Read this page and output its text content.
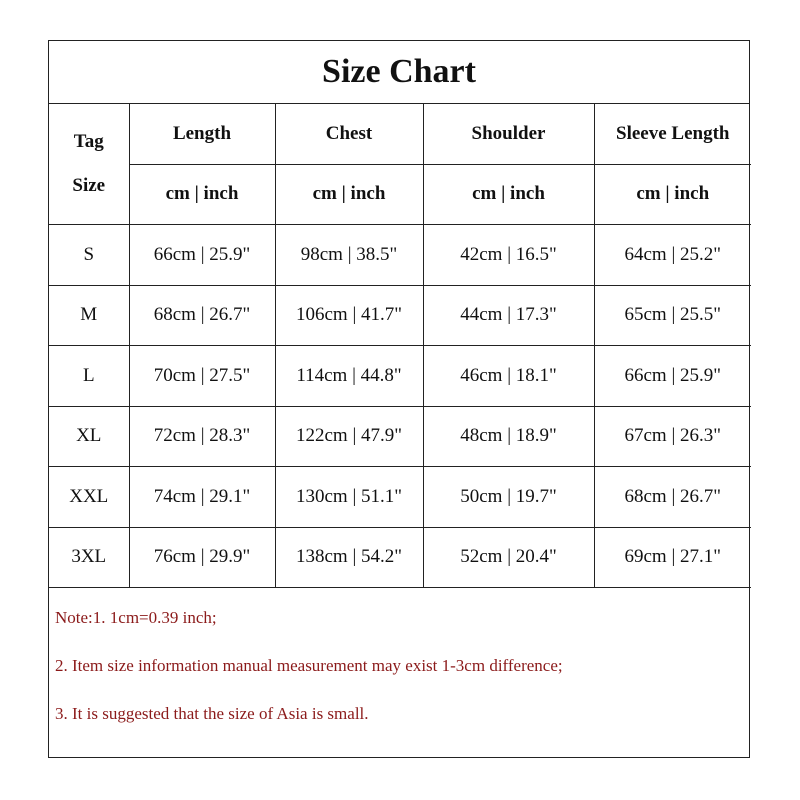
Size Chart
Tag
Size	Length	Chest	Shoulder	Sleeve Length
	cm | inch	cm | inch	cm | inch	cm | inch
S	66cm | 25.9"	98cm | 38.5"	42cm | 16.5"	64cm | 25.2"
M	68cm | 26.7"	106cm | 41.7"	44cm | 17.3"	65cm | 25.5"
L	70cm | 27.5"	114cm | 44.8"	46cm | 18.1"	66cm | 25.9"
XL	72cm | 28.3"	122cm | 47.9"	48cm | 18.9"	67cm | 26.3"
XXL	74cm | 29.1"	130cm | 51.1"	50cm | 19.7"	68cm | 26.7"
3XL	76cm | 29.9"	138cm | 54.2"	52cm | 20.4"	69cm | 27.1"
Note:1. 1cm=0.39 inch;
2. Item size information manual measurement may exist 1-3cm difference;
3. It is suggested that the size of Asia is small.
